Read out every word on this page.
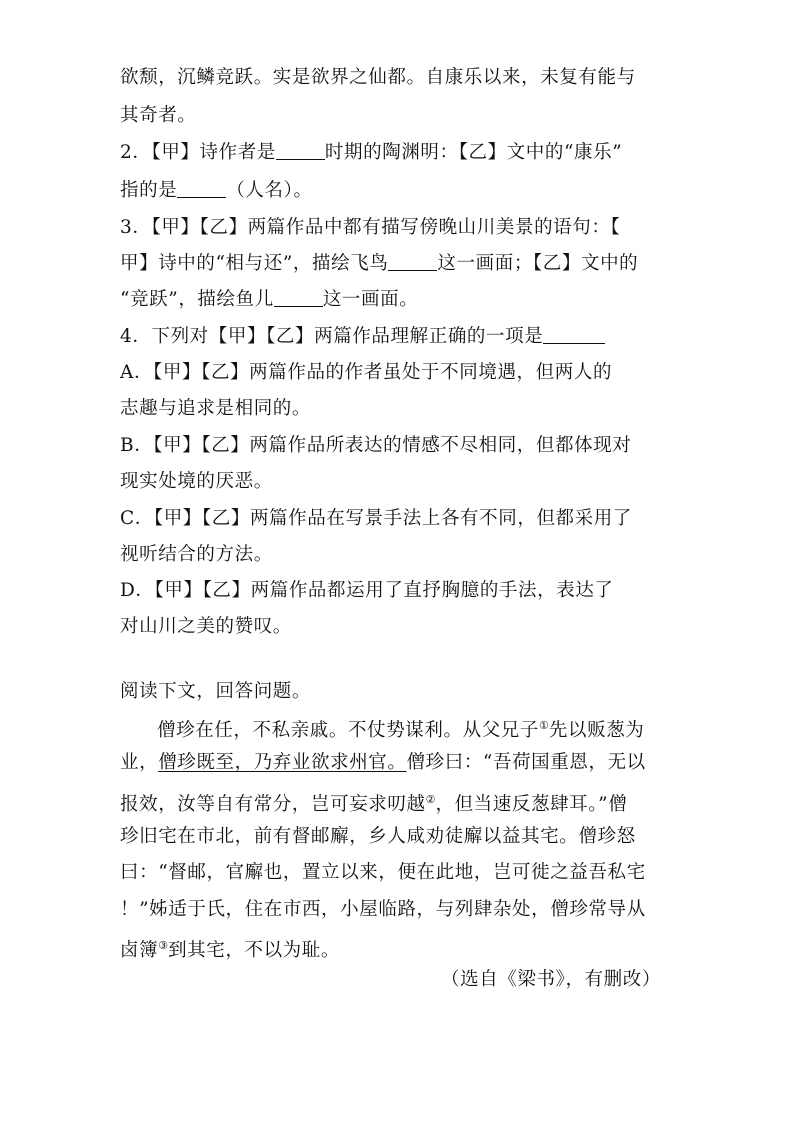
欲颓，沉鳞竞跃。实是欲界之仙都。自康乐以来，未复有能与
其奇者。
2．【甲】诗作者是	时期的陶渊明：【乙】文中的“康乐”
指的是	（人名）。
3．【甲】【乙】两篇作品中都有描写傍晚山川美景的语句：【
甲】诗中的“相与还”，描绘飞鸟	这一画面；【乙】文中的
“竞跃”，描绘鱼儿	这一画面。
4．下列对【甲】【乙】两篇作品理解正确的一项是
A．【甲】【乙】两篇作品的作者虽处于不同境遇，但两人的
志趣与追求是相同的。
B．【甲】【乙】两篇作品所表达的情感不尽相同，但都体现对
现实处境的厌恶。
C．【甲】【乙】两篇作品在写景手法上各有不同，但都采用了
视听结合的方法。
D．【甲】【乙】两篇作品都运用了直抒胸臆的手法，表达了
对山川之美的赞叹。
阅读下文，回答问题。
僧珍在任，不私亲戚。不仗势谋利。从父兄子①先以贩葱为
业，僧珍既至，乃弃业欲求州官。僧珍曰：“吾荷国重恩，无以
报效，汝等自有常分，岂可妄求叨越②，但当速反葱肆耳。”僧
珍旧宅在市北，前有督邮廨，乡人咸劝徒廨以益其宅。僧珍怒
曰：“督邮，官廨也，置立以来，便在此地，岂可徙之益吾私宅
！”姊适于氏，住在市西，小屋临路，与列肆杂处，僧珍常导从
卤簿③到其宅，不以为耻。
（选自《梁书》，有删改）
